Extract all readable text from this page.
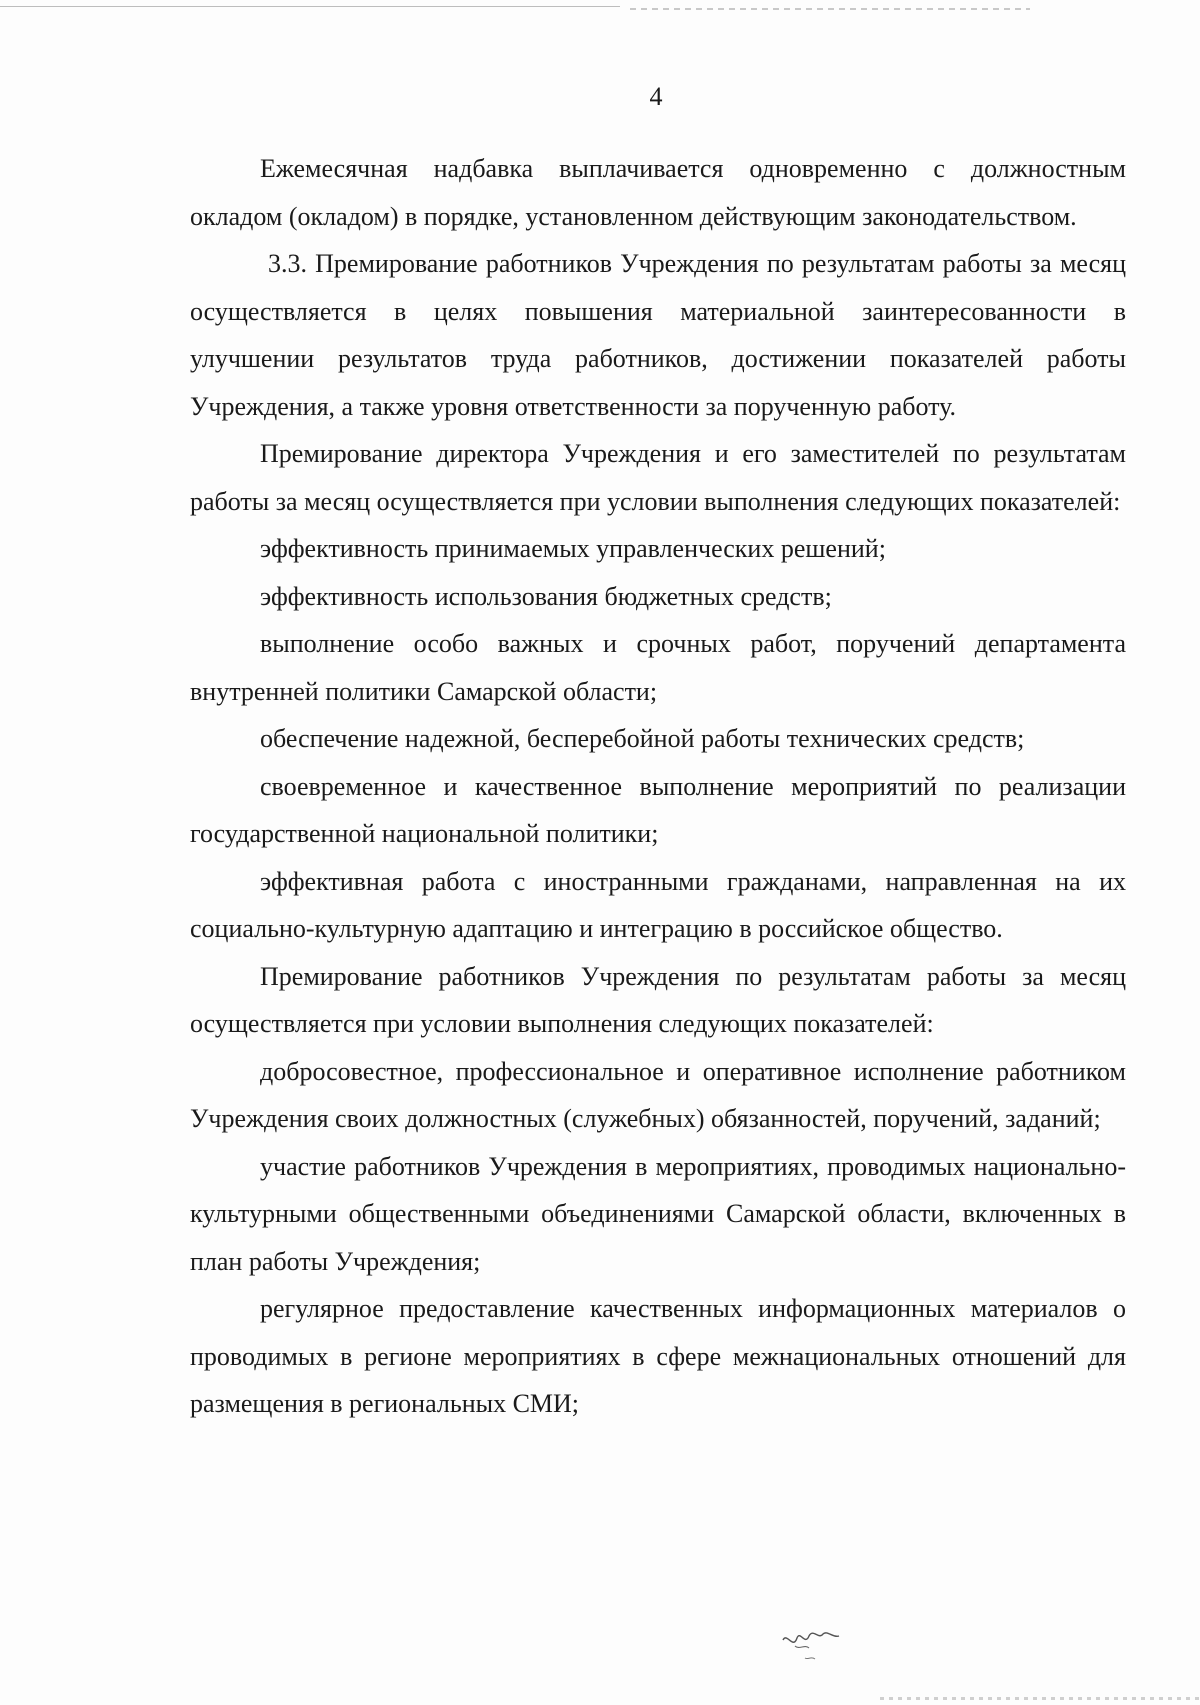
4

Ежемесячная надбавка выплачивается одновременно с должностным окладом (окладом) в порядке, установленном действующим законодательством.

3.3. Премирование работников Учреждения по результатам работы за месяц осуществляется в целях повышения материальной заинтересованности в улучшении результатов труда работников, достижении показателей работы Учреждения, а также уровня ответственности за порученную работу.

Премирование директора Учреждения и его заместителей по результатам работы за месяц осуществляется при условии выполнения следующих показателей:

эффективность принимаемых управленческих решений;

эффективность использования бюджетных средств;

выполнение особо важных и срочных работ, поручений департамента внутренней политики Самарской области;

обеспечение надежной, бесперебойной работы технических средств;

своевременное и качественное выполнение мероприятий по реализации государственной национальной политики;

эффективная работа с иностранными гражданами, направленная на их социально-культурную адаптацию и интеграцию в российское общество.

Премирование работников Учреждения по результатам работы за месяц осуществляется при условии выполнения следующих показателей:

добросовестное, профессиональное и оперативное исполнение работником Учреждения своих должностных (служебных) обязанностей, поручений, заданий;

участие работников Учреждения в мероприятиях, проводимых национально-культурными общественными объединениями Самарской области, включенных в план работы Учреждения;

регулярное предоставление качественных информационных материалов о проводимых в регионе мероприятиях в сфере межнациональных отношений для размещения в региональных СМИ;
